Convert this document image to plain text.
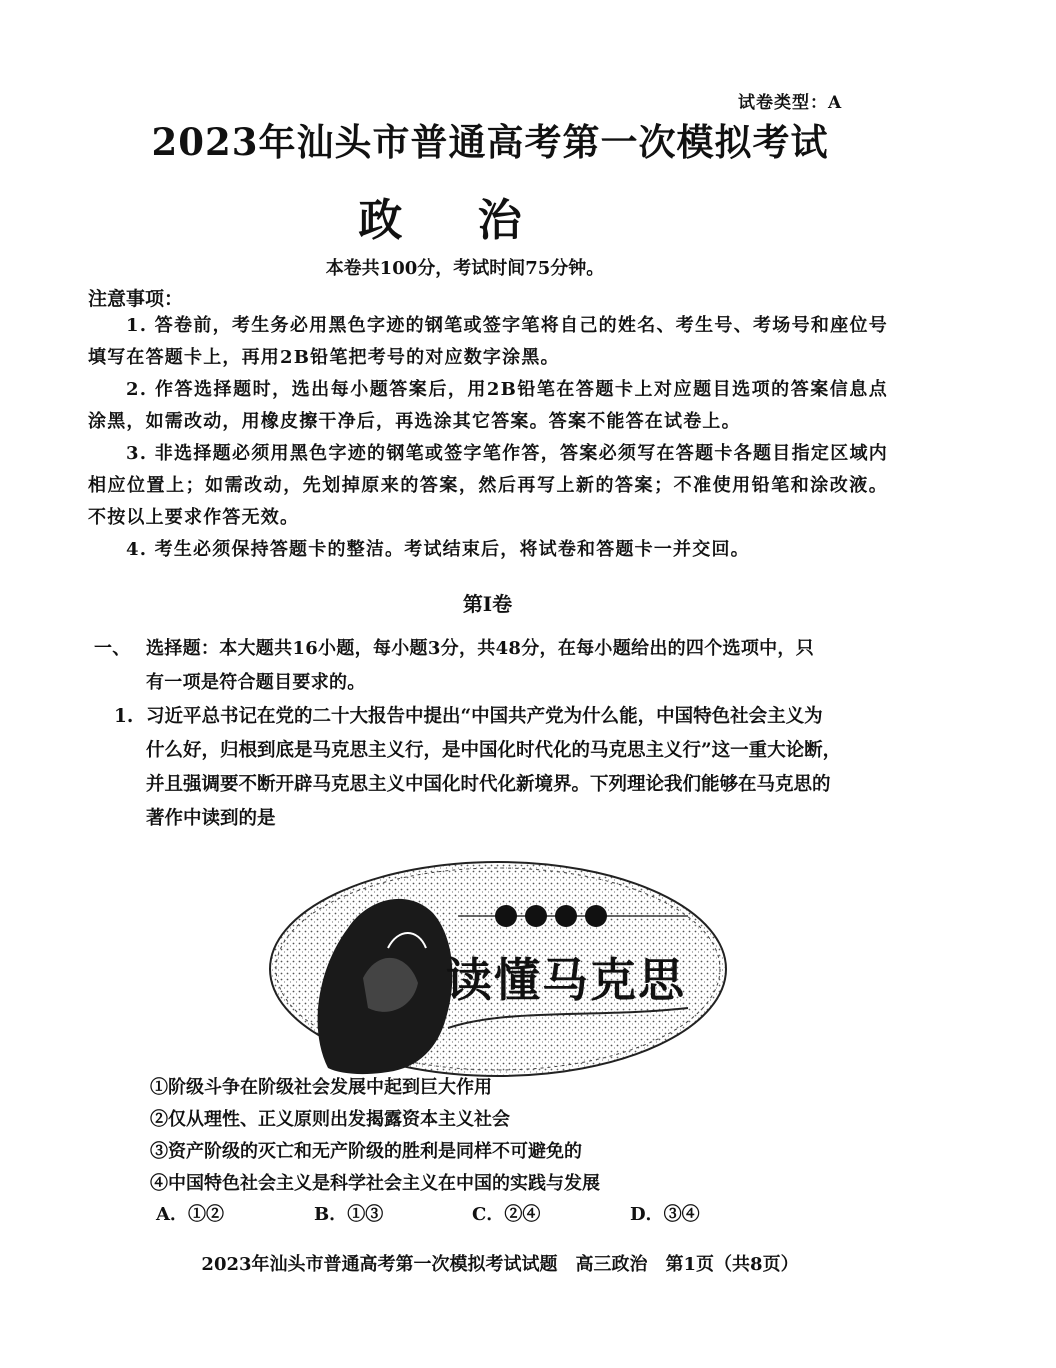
试卷类型：A
2023年汕头市普通高考第一次模拟考试
政 治
本卷共100分，考试时间75分钟。
注意事项：
1. 答卷前，考生务必用黑色字迹的钢笔或签字笔将自己的姓名、考生号、考场号和座位号填写在答题卡上，再用2B铅笔把考号的对应数字涂黑。
2. 作答选择题时，选出每小题答案后，用2B铅笔在答题卡上对应题目选项的答案信息点涂黑，如需改动，用橡皮擦干净后，再选涂其它答案。答案不能答在试卷上。
3. 非选择题必须用黑色字迹的钢笔或签字笔作答，答案必须写在答题卡各题目指定区域内相应位置上；如需改动，先划掉原来的答案，然后再写上新的答案；不准使用铅笔和涂改液。不按以上要求作答无效。
4. 考生必须保持答题卡的整洁。考试结束后，将试卷和答题卡一并交回。
第Ⅰ卷
一、 选择题：本大题共16小题，每小题3分，共48分，在每小题给出的四个选项中，只
有一项是符合题目要求的。
1. 习近平总书记在党的二十大报告中提出“中国共产党为什么能，中国特色社会主义为
什么好，归根到底是马克思主义行，是中国化时代化的马克思主义行”这一重大论断，
并且强调要不断开辟马克思主义中国化时代化新境界。下列理论我们能够在马克思的
著作中读到的是
读懂马克思
①阶级斗争在阶级社会发展中起到巨大作用
②仅从理性、正义原则出发揭露资本主义社会
③资产阶级的灭亡和无产阶级的胜利是同样不可避免的
④中国特色社会主义是科学社会主义在中国的实践与发展
A．①②	B．①③	C．②④	D．③④
2023年汕头市普通高考第一次模拟考试试题　高三政治　第1页（共8页）
